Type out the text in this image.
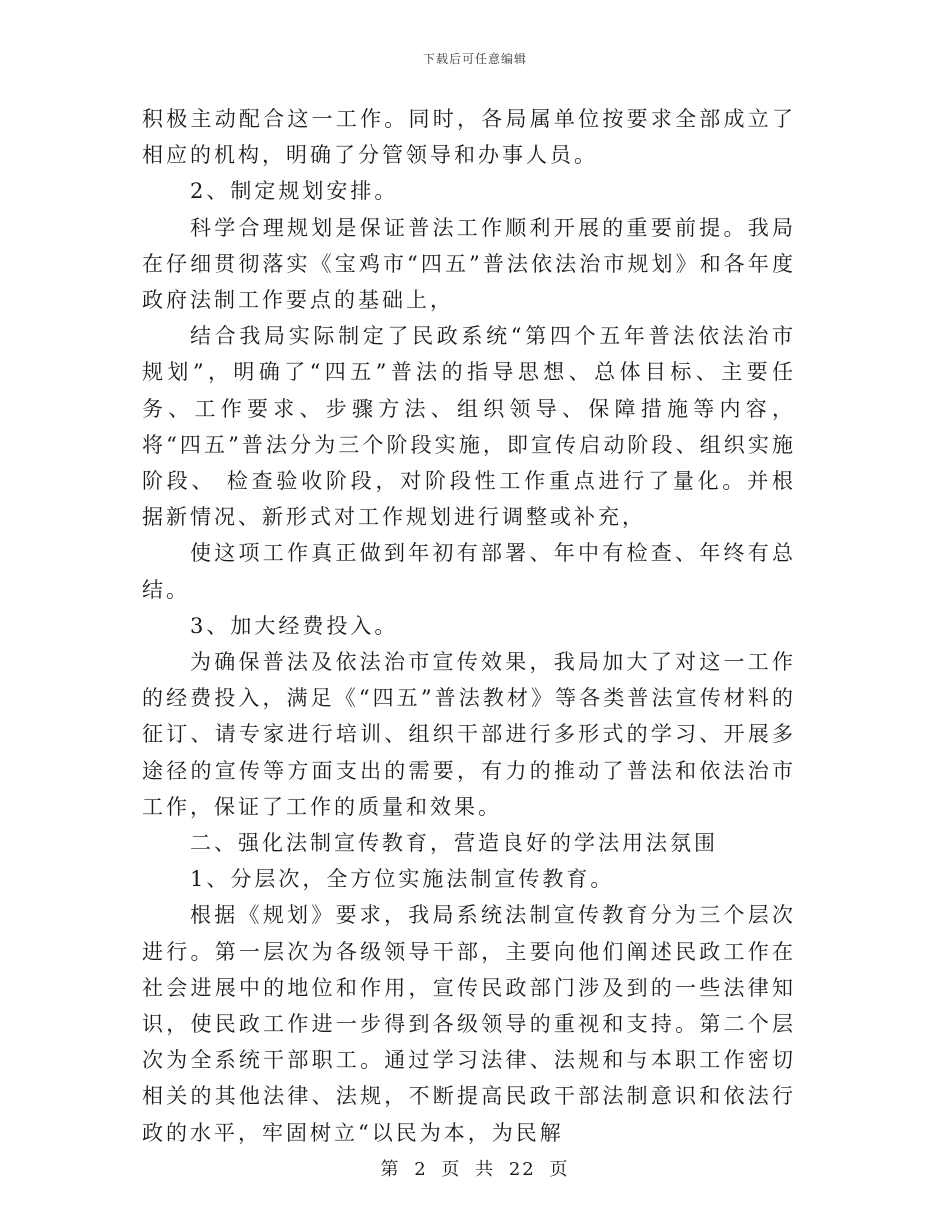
下载后可任意编辑

积极主动配合这一工作。同时，各局属单位按要求全部成立了相应的机构，明确了分管领导和办事人员。

2、制定规划安排。

科学合理规划是保证普法工作顺利开展的重要前提。我局在仔细贯彻落实《宝鸡市“四五”普法依法治市规划》和各年度政府法制工作要点的基础上，

结合我局实际制定了民政系统“第四个五年普法依法治市规划”，明确了“四五”普法的指导思想、总体目标、主要任务、工作要求、步骤方法、组织领导、保障措施等内容，将“四五”普法分为三个阶段实施，即宣传启动阶段、组织实施阶段、 检查验收阶段，对阶段性工作重点进行了量化。并根据新情况、新形式对工作规划进行调整或补充，

使这项工作真正做到年初有部署、年中有检查、年终有总结。

3、加大经费投入。

为确保普法及依法治市宣传效果，我局加大了对这一工作的经费投入，满足《“四五”普法教材》等各类普法宣传材料的征订、请专家进行培训、组织干部进行多形式的学习、开展多途径的宣传等方面支出的需要，有力的推动了普法和依法治市工作，保证了工作的质量和效果。

二、强化法制宣传教育，营造良好的学法用法氛围

1、分层次，全方位实施法制宣传教育。

根据《规划》要求，我局系统法制宣传教育分为三个层次进行。第一层次为各级领导干部，主要向他们阐述民政工作在社会进展中的地位和作用，宣传民政部门涉及到的一些法律知识，使民政工作进一步得到各级领导的重视和支持。第二个层次为全系统干部职工。通过学习法律、法规和与本职工作密切相关的其他法律、法规，不断提高民政干部法制意识和依法行政的水平，牢固树立“以民为本，为民解

第 2 页 共 22 页
